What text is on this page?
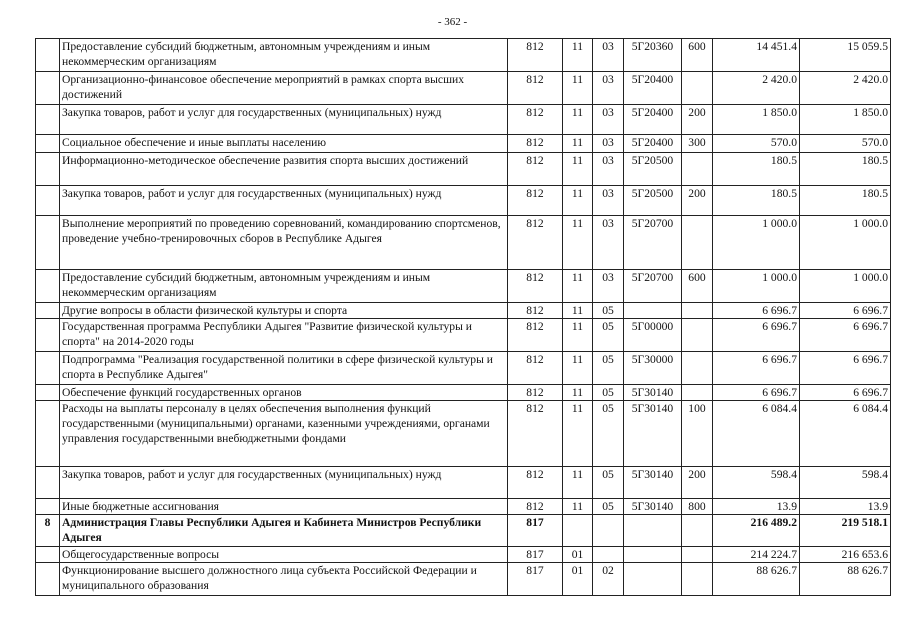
- 362 -
	Предоставление субсидий бюджетным, автономным учреждениям и иным некоммерческим организациям	812	11	03	5Г20360	600	14 451.4	15 059.5
	Организационно-финансовое обеспечение мероприятий в рамках спорта высших достижений	812	11	03	5Г20400		2 420.0	2 420.0
	Закупка товаров, работ и услуг для государственных (муниципальных) нужд	812	11	03	5Г20400	200	1 850.0	1 850.0
	Социальное обеспечение и иные выплаты населению	812	11	03	5Г20400	300	570.0	570.0
	Информационно-методическое обеспечение развития спорта высших достижений	812	11	03	5Г20500		180.5	180.5
	Закупка товаров, работ и услуг для государственных (муниципальных) нужд	812	11	03	5Г20500	200	180.5	180.5
	Выполнение мероприятий по проведению соревнований, командированию спортсменов, проведение учебно-тренировочных сборов в Республике Адыгея	812	11	03	5Г20700		1 000.0	1 000.0
	Предоставление субсидий бюджетным, автономным учреждениям и иным некоммерческим организациям	812	11	03	5Г20700	600	1 000.0	1 000.0
	Другие вопросы в области физической культуры и спорта	812	11	05			6 696.7	6 696.7
	Государственная программа Республики Адыгея "Развитие физической культуры и спорта" на 2014-2020 годы	812	11	05	5Г00000		6 696.7	6 696.7
	Подпрограмма "Реализация государственной политики в сфере физической культуры и спорта в Республике Адыгея"	812	11	05	5Г30000		6 696.7	6 696.7
	Обеспечение функций государственных органов	812	11	05	5Г30140		6 696.7	6 696.7
	Расходы на выплаты персоналу в целях обеспечения выполнения функций государственными (муниципальными) органами, казенными учреждениями, органами управления государственными внебюджетными фондами	812	11	05	5Г30140	100	6 084.4	6 084.4
	Закупка товаров, работ и услуг для государственных (муниципальных) нужд	812	11	05	5Г30140	200	598.4	598.4
	Иные бюджетные ассигнования	812	11	05	5Г30140	800	13.9	13.9
8	Администрация Главы Республики Адыгея и Кабинета Министров Республики Адыгея	817					216 489.2	219 518.1
	Общегосударственные вопросы	817	01				214 224.7	216 653.6
	Функционирование высшего должностного лица субъекта Российской Федерации и муниципального образования	817	01	02			88 626.7	88 626.7
